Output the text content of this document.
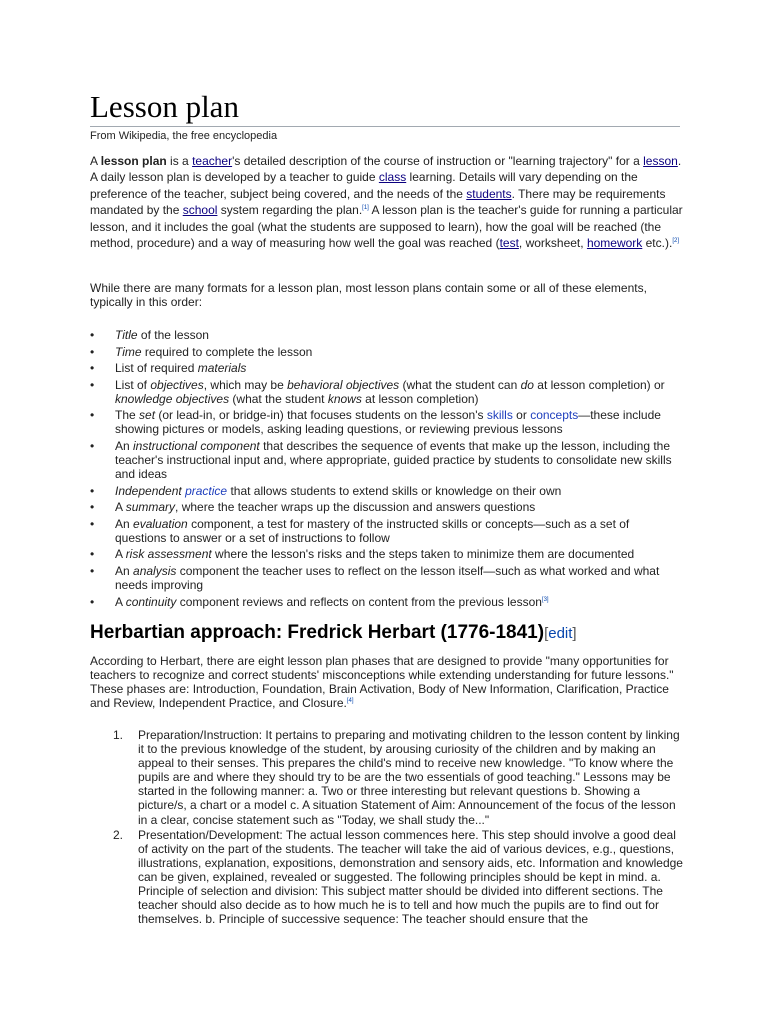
Lesson plan
From Wikipedia, the free encyclopedia

A lesson plan is a teacher's detailed description of the course of instruction or "learning trajectory" for a lesson. A daily lesson plan is developed by a teacher to guide class learning. Details will vary depending on the preference of the teacher, subject being covered, and the needs of the students. There may be requirements mandated by the school system regarding the plan.[1] A lesson plan is the teacher's guide for running a particular lesson, and it includes the goal (what the students are supposed to learn), how the goal will be reached (the method, procedure) and a way of measuring how well the goal was reached (test, worksheet, homework etc.).[2]

While there are many formats for a lesson plan, most lesson plans contain some or all of these elements, typically in this order:

• Title of the lesson
• Time required to complete the lesson
• List of required materials
• List of objectives, which may be behavioral objectives (what the student can do at lesson completion) or knowledge objectives (what the student knows at lesson completion)
• The set (or lead-in, or bridge-in) that focuses students on the lesson's skills or concepts—these include showing pictures or models, asking leading questions, or reviewing previous lessons
• An instructional component that describes the sequence of events that make up the lesson, including the teacher's instructional input and, where appropriate, guided practice by students to consolidate new skills and ideas
• Independent practice that allows students to extend skills or knowledge on their own
• A summary, where the teacher wraps up the discussion and answers questions
• An evaluation component, a test for mastery of the instructed skills or concepts—such as a set of questions to answer or a set of instructions to follow
• A risk assessment where the lesson's risks and the steps taken to minimize them are documented
• An analysis component the teacher uses to reflect on the lesson itself—such as what worked and what needs improving
• A continuity component reviews and reflects on content from the previous lesson[3]
Herbartian approach: Fredrick Herbart (1776-1841)[edit]

According to Herbart, there are eight lesson plan phases that are designed to provide "many opportunities for teachers to recognize and correct students' misconceptions while extending understanding for future lessons." These phases are: Introduction, Foundation, Brain Activation, Body of New Information, Clarification, Practice and Review, Independent Practice, and Closure.[4]

1. Preparation/Instruction: It pertains to preparing and motivating children to the lesson content by linking it to the previous knowledge of the student, by arousing curiosity of the children and by making an appeal to their senses. This prepares the child's mind to receive new knowledge. "To know where the pupils are and where they should try to be are the two essentials of good teaching." Lessons may be started in the following manner: a. Two or three interesting but relevant questions b. Showing a picture/s, a chart or a model c. A situation Statement of Aim: Announcement of the focus of the lesson in a clear, concise statement such as "Today, we shall study the..."
2. Presentation/Development: The actual lesson commences here. This step should involve a good deal of activity on the part of the students. The teacher will take the aid of various devices, e.g., questions, illustrations, explanation, expositions, demonstration and sensory aids, etc. Information and knowledge can be given, explained, revealed or suggested. The following principles should be kept in mind. a. Principle of selection and division: This subject matter should be divided into different sections. The teacher should also decide as to how much he is to tell and how much the pupils are to find out for themselves. b. Principle of successive sequence: The teacher should ensure that the
